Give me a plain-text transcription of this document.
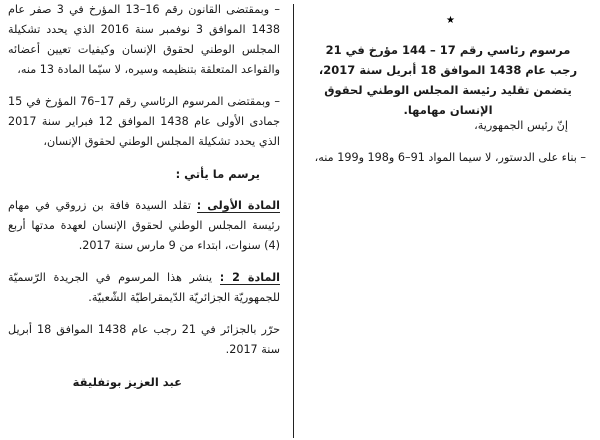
★
مرسوم رئاسي رقم 17 – 144 مؤرخ في 21 رجب عام 1438 الموافق 18 أبريل سنة 2017، يتضمن تقليد رئيسة المجلس الوطني لحقوق الإنسان مهامها.

إنّ رئيس الجمهورية،

– بناء على الدستور، لا سيما المواد 91–6 و198 و199 منه،

– وبمقتضى القانون رقم 16–13 المؤرخ في 3 صفر عام 1438 الموافق 3 نوفمبر سنة 2016 الذي يحدد تشكيلة المجلس الوطني لحقوق الإنسان وكيفيات تعيين أعضائه والقواعد المتعلقة بتنظيمه وسيره، لا سيّما المادة 13 منه،

– وبمقتضى المرسوم الرئاسي رقم 17–76 المؤرخ في 15 جمادى الأولى عام 1438 الموافق 12 فبراير سنة 2017 الذي يحدد تشكيلة المجلس الوطني لحقوق الإنسان،

يرسم ما يأتي :

المادة الأولى : تقلد السيدة فافة بن زروقي في مهام رئيسة المجلس الوطني لحقوق الإنسان لعهدة مدتها أربع (4) سنوات، ابتداء من 9 مارس سنة 2017.

المادة 2 : ينشر هذا المرسوم في الجريدة الرّسميّة للجمهوريّة الجزائريّة الدّيمقراطيّة الشّعبيّة.

حرّر بالجزائر في 21 رجب عام 1438 الموافق 18 أبريل سنة 2017.

عبد العزيز بوتفليقة
